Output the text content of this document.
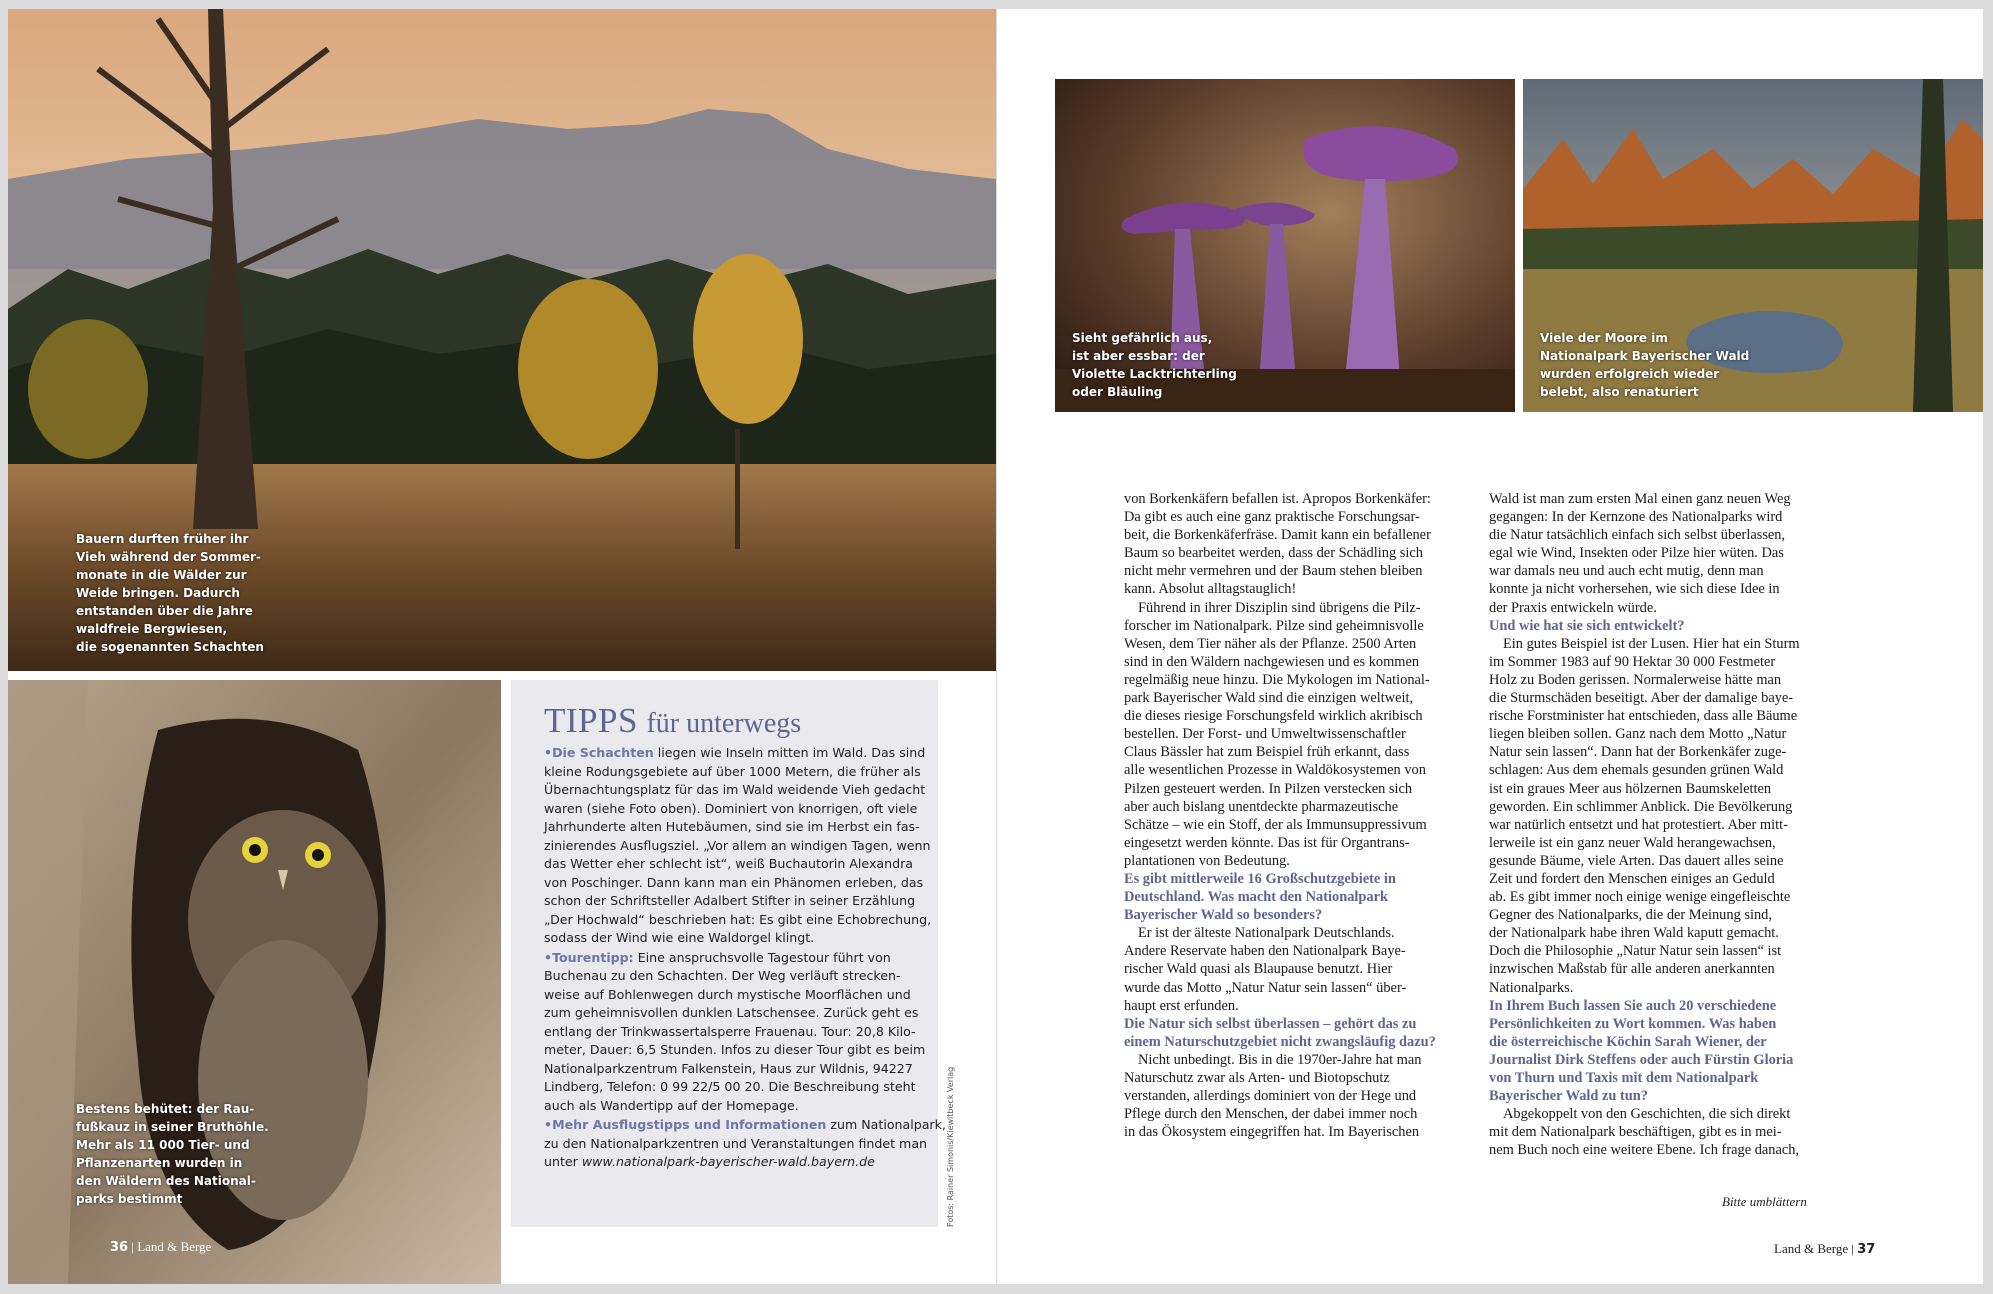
Bauern durften früher ihr
Vieh während der Sommer-
monate in die Wälder zur
Weide bringen. Dadurch
entstanden über die Jahre
waldfreie Bergwiesen,
die sogenannten Schachten
Bestens behütet: der Rau-
fußkauz in seiner Bruthöhle.
Mehr als 11 000 Tier- und
Pflanzenarten wurden in
den Wäldern des National-
parks bestimmt
36 | Land & Berge
TIPPS für unterwegs
•Die Schachten liegen wie Inseln mitten im Wald. Das sind
kleine Rodungsgebiete auf über 1000 Metern, die früher als
Übernachtungsplatz für das im Wald weidende Vieh gedacht
waren (siehe Foto oben). Dominiert von knorrigen, oft viele
Jahrhunderte alten Hutebäumen, sind sie im Herbst ein fas-
zinierendes Ausflugsziel. „Vor allem an windigen Tagen, wenn
das Wetter eher schlecht ist“, weiß Buchautorin Alexandra
von Poschinger. Dann kann man ein Phänomen erleben, das
schon der Schriftsteller Adalbert Stifter in seiner Erzählung
„Der Hochwald“ beschrieben hat: Es gibt eine Echobrechung,
sodass der Wind wie eine Waldorgel klingt.
•Tourentipp: Eine anspruchsvolle Tagestour führt von
Buchenau zu den Schachten. Der Weg verläuft strecken-
weise auf Bohlenwegen durch mystische Moorflächen und
zum geheimnisvollen dunklen Latschensee. Zurück geht es
entlang der Trinkwassertalsperre Frauenau. Tour: 20,8 Kilo-
meter, Dauer: 6,5 Stunden. Infos zu dieser Tour gibt es beim
Nationalparkzentrum Falkenstein, Haus zur Wildnis, 94227
Lindberg, Telefon: 0 99 22/5 00 20. Die Beschreibung steht
auch als Wandertipp auf der Homepage.
•Mehr Ausflugstipps und Informationen zum Nationalpark,
zu den Nationalparkzentren und Veranstaltungen findet man
unter www.nationalpark-bayerischer-wald.bayern.de	Fotos: Rainer Simonis/Kiewitbeck Verlag
Sieht gefährlich aus,
ist aber essbar: der
Violette Lacktrichterling
oder Bläuling
Viele der Moore im
Nationalpark Bayerischer Wald
wurden erfolgreich wieder
belebt, also renaturiert
von Borkenkäfern befallen ist. Apropos Borkenkäfer:
Da gibt es auch eine ganz praktische Forschungsar-
beit, die Borkenkäferfräse. Damit kann ein befallener
Baum so bearbeitet werden, dass der Schädling sich
nicht mehr vermehren und der Baum stehen bleiben
kann. Absolut alltagstauglich!
Führend in ihrer Disziplin sind übrigens die Pilz-
forscher im Nationalpark. Pilze sind geheimnisvolle
Wesen, dem Tier näher als der Pflanze. 2500 Arten
sind in den Wäldern nachgewiesen und es kommen
regelmäßig neue hinzu. Die Mykologen im National-
park Bayerischer Wald sind die einzigen weltweit,
die dieses riesige Forschungsfeld wirklich akribisch
bestellen. Der Forst- und Umweltwissenschaftler
Claus Bässler hat zum Beispiel früh erkannt, dass
alle wesentlichen Prozesse in Waldökosystemen von
Pilzen gesteuert werden. In Pilzen verstecken sich
aber auch bislang unentdeckte pharmazeutische
Schätze – wie ein Stoff, der als Immunsuppressivum
eingesetzt werden könnte. Das ist für Organtrans-
plantationen von Bedeutung.
Es gibt mittlerweile 16 Großschutzgebiete in
Deutschland. Was macht den Nationalpark
Bayerischer Wald so besonders?
Er ist der älteste Nationalpark Deutschlands.
Andere Reservate haben den Nationalpark Baye-
rischer Wald quasi als Blaupause benutzt. Hier
wurde das Motto „Natur Natur sein lassen“ über-
haupt erst erfunden.
Die Natur sich selbst überlassen – gehört das zu
einem Naturschutzgebiet nicht zwangsläufig dazu?
Nicht unbedingt. Bis in die 1970er-Jahre hat man
Naturschutz zwar als Arten- und Biotopschutz
verstanden, allerdings dominiert von der Hege und
Pflege durch den Menschen, der dabei immer noch
in das Ökosystem eingegriffen hat. Im Bayerischen
Wald ist man zum ersten Mal einen ganz neuen Weg
gegangen: In der Kernzone des Nationalparks wird
die Natur tatsächlich einfach sich selbst überlassen,
egal wie Wind, Insekten oder Pilze hier wüten. Das
war damals neu und auch echt mutig, denn man
konnte ja nicht vorhersehen, wie sich diese Idee in
der Praxis entwickeln würde.
Und wie hat sie sich entwickelt?
Ein gutes Beispiel ist der Lusen. Hier hat ein Sturm
im Sommer 1983 auf 90 Hektar 30 000 Festmeter
Holz zu Boden gerissen. Normalerweise hätte man
die Sturmschäden beseitigt. Aber der damalige baye-
rische Forstminister hat entschieden, dass alle Bäume
liegen bleiben sollen. Ganz nach dem Motto „Natur
Natur sein lassen“. Dann hat der Borkenkäfer zuge-
schlagen: Aus dem ehemals gesunden grünen Wald
ist ein graues Meer aus hölzernen Baumskeletten
geworden. Ein schlimmer Anblick. Die Bevölkerung
war natürlich entsetzt und hat protestiert. Aber mitt-
lerweile ist ein ganz neuer Wald herangewachsen,
gesunde Bäume, viele Arten. Das dauert alles seine
Zeit und fordert den Menschen einiges an Geduld
ab. Es gibt immer noch einige wenige eingefleischte
Gegner des Nationalparks, die der Meinung sind,
der Nationalpark habe ihren Wald kaputt gemacht.
Doch die Philosophie „Natur Natur sein lassen“ ist
inzwischen Maßstab für alle anderen anerkannten
Nationalparks.
In Ihrem Buch lassen Sie auch 20 verschiedene
Persönlichkeiten zu Wort kommen. Was haben
die österreichische Köchin Sarah Wiener, der
Journalist Dirk Steffens oder auch Fürstin Gloria
von Thurn und Taxis mit dem Nationalpark
Bayerischer Wald zu tun?
Abgekoppelt von den Geschichten, die sich direkt
mit dem Nationalpark beschäftigen, gibt es in mei-
nem Buch noch eine weitere Ebene. Ich frage danach,
Bitte umblättern
Land & Berge | 37
